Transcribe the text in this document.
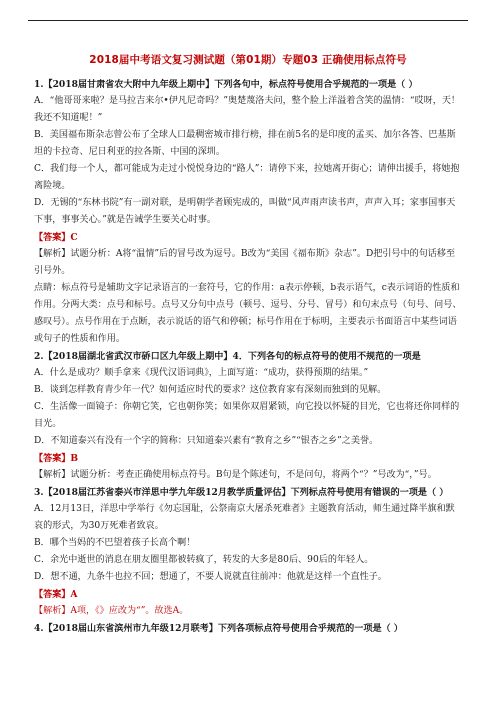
2018届中考语文复习测试题（第01期）专题03 正确使用标点符号

1.【2018届甘肃省农大附中九年级上期中】下列各句中，标点符号使用合乎规范的一项是（ ）

A．“他哥哥来啦？是马拉吉来尔•伊凡尼奇吗？”奥楚蔑洛夫问，整个脸上洋溢着含笑的温情：“哎呀，天！我还不知道呢！”

B．美国福布斯杂志曾公布了全球人口最稠密城市排行榜，排在前5名的是印度的孟买、加尔各答、巴基斯坦的卡拉奇、尼日利亚的拉各斯、中国的深圳。

C．我们每一个人，都可能成为走过小悦悦身边的“路人”：请停下来，拉她离开街心；请伸出援手，将她抱离险境。

D．无锡的“东林书院”有一副对联，是明朝学者顾宪成的，叫做“风声雨声读书声，声声入耳；家事国事天下事，事事关心。”就是告诫学生要关心时事。

【答案】C

【解析】试题分析：A将“温情”后的冒号改为逗号。B改为“美国《福布斯》杂志”。D把引号中的句话移至引号外。

点睛：标点符号是辅助文字记录语言的一套符号，它的作用：a表示停顿，b表示语气，c表示词语的性质和作用。分两大类：点号和标号。点号又分句中点号（顿号、逗号、分号、冒号）和句末点号（句号、问号、感叹号）。点号作用在于点断，表示说话的语气和停顿；标号作用在于标明，主要表示书面语言中某些词语或句子的性质和作用。

2.【2018届湖北省武汉市硚口区九年级上期中】4．下列各句的标点符号的使用不规范的一项是

A．什么是成功？顺手拿来《现代汉语词典》，上面写道：“成功，获得预期的结果。”

B．谈到怎样教育青少年一代？如何适应时代的要求？这位教育家有深刻而独到的见解。

C．生活像一面镜子：你朝它笑，它也朝你笑；如果你双眉紧锁，向它投以怀疑的目光，它也将还你同样的目光。

D．不知道泰兴有没有一个字的简称：只知道泰兴素有“教育之乡”“银杏之乡”之美誉。

【答案】B

【解析】试题分析：考查正确使用标点符号。B句是个陈述句，不是问句，将两个“？”号改为“，”号。

3.【2018届江苏省泰兴市洋思中学九年级12月教学质量评估】下列标点符号使用有错误的一项是（ ）

A．12月13日，洋思中学举行《勿忘国耻，公祭南京大屠杀死难者》主题教育活动，师生通过降半旗和默哀的形式，为30万死难者致哀。

B．哪个当妈的不巴望着孩子长高个啊！

C．余光中逝世的消息在朋友圈里都被转疯了，转发的大多是80后、90后的年轻人。

D．想不通，九条牛也拉不回；想通了，不要人说就直往前冲：他就是这样一个直性子。

【答案】A

【解析】A项，《》应改为“”。故选A。

4.【2018届山东省滨州市九年级12月联考】下列各项标点符号使用合乎规范的一项是（ ）
